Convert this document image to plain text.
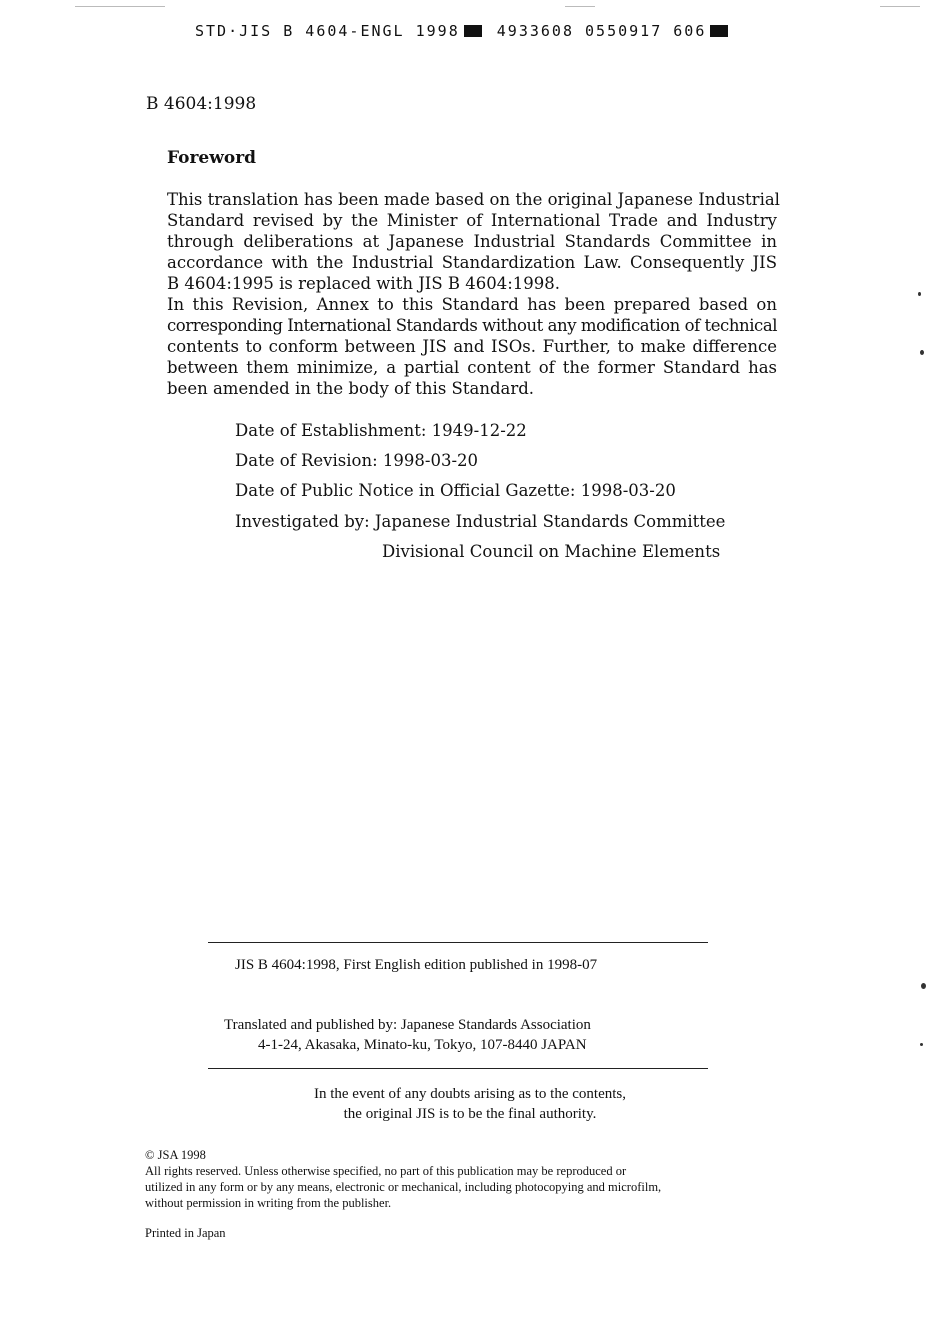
STD·JIS B 4604-ENGL 1998 4933608 0550917 606
B 4604:1998
Foreword
This translation has been made based on the original Japanese Industrial
Standard revised by the Minister of International Trade and Industry
through deliberations at Japanese Industrial Standards Committee in
accordance with the Industrial Standardization Law. Consequently JIS
B 4604:1995 is replaced with JIS B 4604:1998.
In this Revision, Annex to this Standard has been prepared based on
corresponding International Standards without any modification of technical
contents to conform between JIS and ISOs. Further, to make difference
between them minimize, a partial content of the former Standard has
been amended in the body of this Standard.
Date of Establishment: 1949-12-22
Date of Revision: 1998-03-20
Date of Public Notice in Official Gazette: 1998-03-20
Investigated by: Japanese Industrial Standards Committee
Divisional Council on Machine Elements
JIS B 4604:1998, First English edition published in 1998-07
Translated and published by: Japanese Standards Association
4-1-24, Akasaka, Minato-ku, Tokyo, 107-8440 JAPAN
In the event of any doubts arising as to the contents,
the original JIS is to be the final authority.
© JSA 1998
All rights reserved. Unless otherwise specified, no part of this publication may be reproduced or
utilized in any form or by any means, electronic or mechanical, including photocopying and microfilm,
without permission in writing from the publisher.
Printed in Japan
